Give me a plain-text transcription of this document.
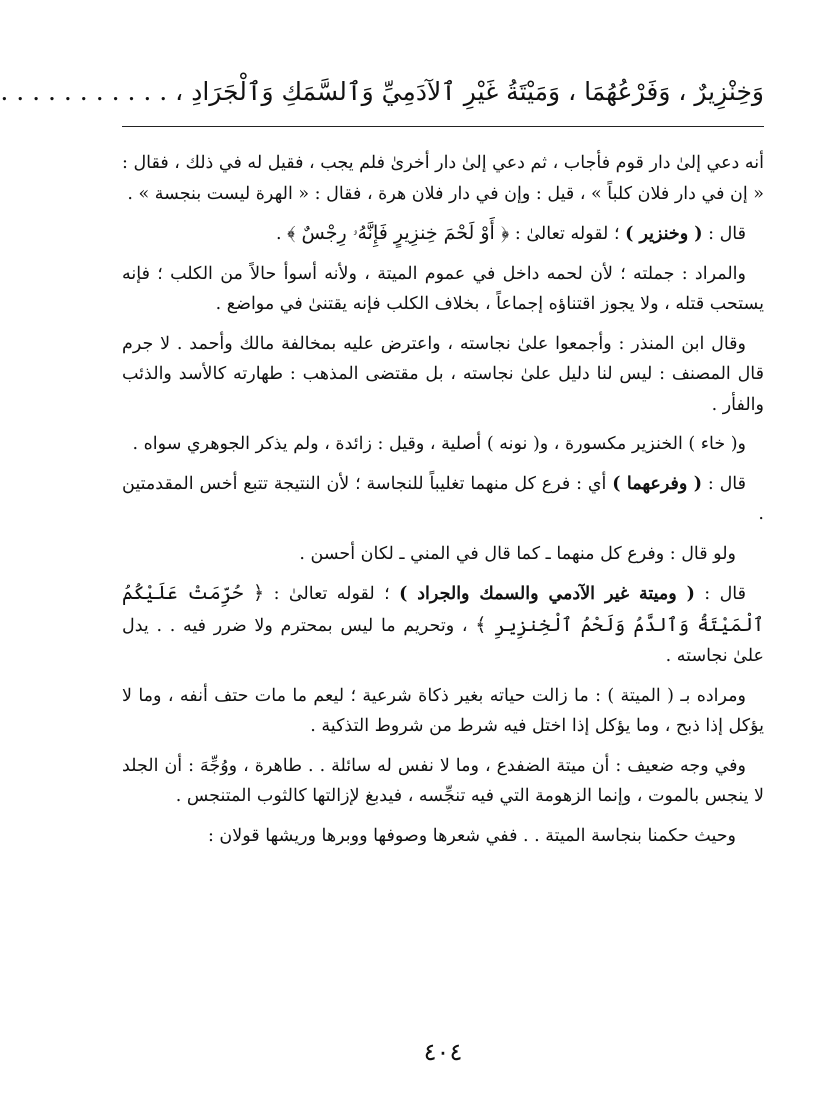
وَخِنْزِيرٌ ، وَفَرْعُهُمَا ، وَمَيْتَةُ غَيْرِ ٱلآدَمِيِّ وَٱلسَّمَكِ وَٱلْجَرَادِ ، . . . . . . . . . . .

أنه دعي إلىٰ دار قوم فأجاب ، ثم دعي إلىٰ دار أخرىٰ فلم يجب ، فقيل له في ذلك ، فقال : « إن في دار فلان كلباً » ، قيل : وإن في دار فلان هرة ، فقال : « الهرة ليست بنجسة » .

قال : ( وخنزير ) ؛ لقوله تعالىٰ : ﴿ أَوْ لَحْمَ خِنزِيرٍ فَإِنَّهُۥ رِجْسٌ ﴾ .

والمراد : جملته ؛ لأن لحمه داخل في عموم الميتة ، ولأنه أسوأ حالاً من الكلب ؛ فإنه يستحب قتله ، ولا يجوز اقتناؤه إجماعاً ، بخلاف الكلب فإنه يقتنىٰ في مواضع .

وقال ابن المنذر : وأجمعوا علىٰ نجاسته ، واعترض عليه بمخالفة مالك وأحمد . لا جرم قال المصنف : ليس لنا دليل علىٰ نجاسته ، بل مقتضى المذهب : طهارته كالأسد والذئب والفأر .

و( خاء ) الخنزير مكسورة ، و( نونه ) أصلية ، وقيل : زائدة ، ولم يذكر الجوهري سواه .

قال : ( وفرعهما ) أي : فرع كل منهما تغليباً للنجاسة ؛ لأن النتيجة تتبع أخس المقدمتين .

ولو قال : وفرع كل منهما ـ كما قال في المني ـ لكان أحسن .

قال : ( وميتة غير الآدمي والسمك والجراد ) ؛ لقوله تعالىٰ : ﴿ حُرِّمَتْ عَلَيْكُمُ ٱلْمَيْتَةُ وَٱلدَّمُ وَلَحْمُ ٱلْخِنزِيرِ ﴾ ، وتحريم ما ليس بمحترم ولا ضرر فيه . . يدل علىٰ نجاسته .

ومراده بـ ( الميتة ) : ما زالت حياته بغير ذكاة شرعية ؛ ليعم ما مات حتف أنفه ، وما لا يؤكل إذا ذبح ، وما يؤكل إذا اختل فيه شرط من شروط التذكية .

وفي وجه ضعيف : أن ميتة الضفدع ، وما لا نفس له سائلة . . طاهرة ، ووُجِّهَ : أن الجلد لا ينجس بالموت ، وإنما الزهومة التي فيه تنجِّسه ، فيدبغ لإزالتها كالثوب المتنجس .

وحيث حكمنا بنجاسة الميتة . . ففي شعرها وصوفها ووبرها وريشها قولان :

٤٠٤
